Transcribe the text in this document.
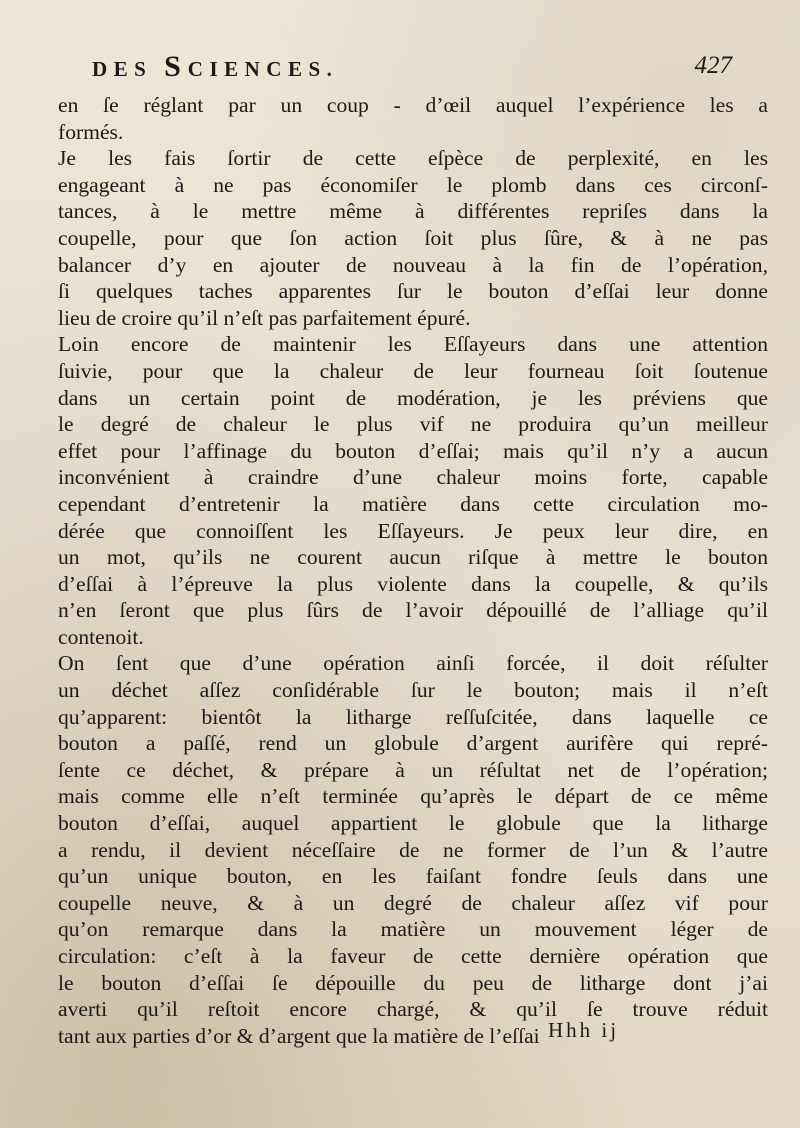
DES SCIENCES.	427
en ſe réglant par un coup - d’œil auquel l’expérience les a
formés.
Je les fais ſortir de cette eſpèce de perplexité, en les
engageant à ne pas économiſer le plomb dans ces circonſ-
tances, à le mettre même à différentes repriſes dans la
coupelle, pour que ſon action ſoit plus ſûre, & à ne pas
balancer d’y en ajouter de nouveau à la fin de l’opération,
ſi quelques taches apparentes ſur le bouton d’eſſai leur donne
lieu de croire qu’il n’eſt pas parfaitement épuré.
Loin encore de maintenir les Eſſayeurs dans une attention
ſuivie, pour que la chaleur de leur fourneau ſoit ſoutenue
dans un certain point de modération, je les préviens que
le degré de chaleur le plus vif ne produira qu’un meilleur
effet pour l’affinage du bouton d’eſſai; mais qu’il n’y a aucun
inconvénient à craindre d’une chaleur moins forte, capable
cependant d’entretenir la matière dans cette circulation mo-
dérée que connoiſſent les Eſſayeurs. Je peux leur dire, en
un mot, qu’ils ne courent aucun riſque à mettre le bouton
d’eſſai à l’épreuve la plus violente dans la coupelle, & qu’ils
n’en ſeront que plus ſûrs de l’avoir dépouillé de l’alliage qu’il
contenoit.
On ſent que d’une opération ainſi forcée, il doit réſulter
un déchet aſſez conſidérable ſur le bouton; mais il n’eſt
qu’apparent: bientôt la litharge reſſuſcitée, dans laquelle ce
bouton a paſſé, rend un globule d’argent aurifère qui repré-
ſente ce déchet, & prépare à un réſultat net de l’opération;
mais comme elle n’eſt terminée qu’après le départ de ce même
bouton d’eſſai, auquel appartient le globule que la litharge
a rendu, il devient néceſſaire de ne former de l’un & l’autre
qu’un unique bouton, en les faiſant fondre ſeuls dans une
coupelle neuve, & à un degré de chaleur aſſez vif pour
qu’on remarque dans la matière un mouvement léger de
circulation: c’eſt à la faveur de cette dernière opération que
le bouton d’eſſai ſe dépouille du peu de litharge dont j’ai
averti qu’il reſtoit encore chargé, & qu’il ſe trouve réduit
tant aux parties d’or & d’argent que la matière de l’eſſai Hhh ij
